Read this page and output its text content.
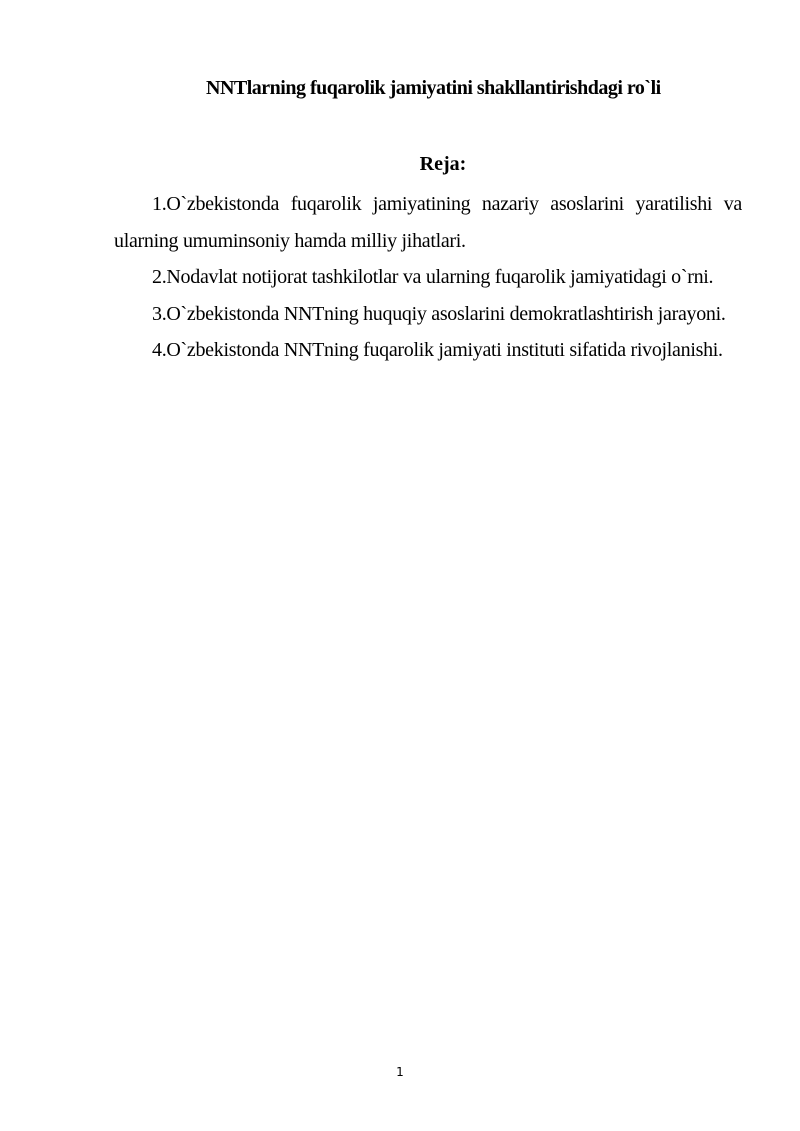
NNTlarning fuqarolik jamiyatini shakllantirishdagi ro`li
Reja:
1.O`zbekistonda fuqarolik jamiyatining nazariy asoslarini yaratilishi va ularning umuminsoniy hamda milliy jihatlari.
2.Nodavlat notijorat tashkilotlar va ularning fuqarolik jamiyatidagi o`rni.
3.O`zbekistonda NNTning huquqiy asoslarini demokratlashtirish jarayoni.
4.O`zbekistonda NNTning fuqarolik jamiyati instituti sifatida rivojlanishi.
1
